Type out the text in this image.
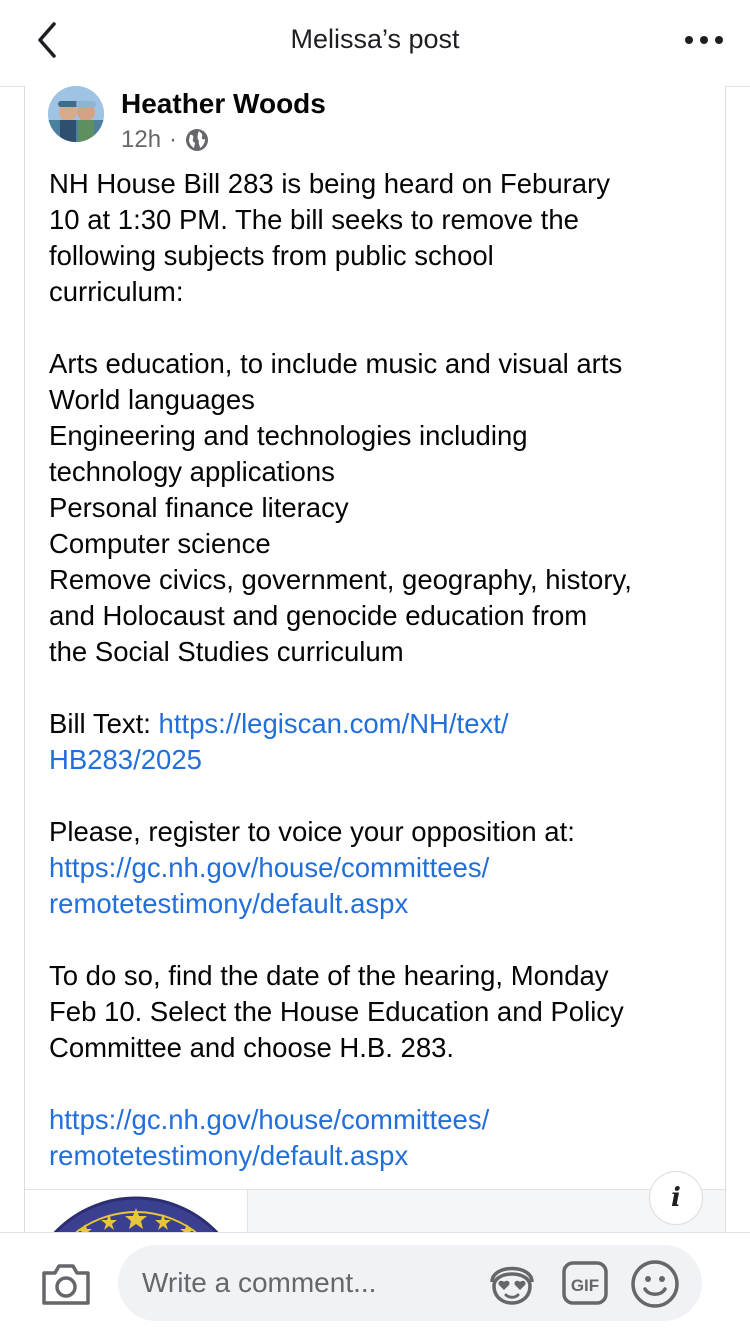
Melissa’s post
Heather Woods
12h ·

NH House Bill 283 is being heard on Feburary
10 at 1:30 PM. The bill seeks to remove the
following subjects from public school
curriculum:

Arts education, to include music and visual arts
World languages
Engineering and technologies including
technology applications
Personal finance literacy
Computer science
Remove civics, government, geography, history,
and Holocaust and genocide education from
the Social Studies curriculum

Bill Text: https://legiscan.com/NH/text/
HB283/2025

Please, register to voice your opposition at:
https://gc.nh.gov/house/committees/
remotetestimony/default.aspx

To do so, find the date of the hearing, Monday
Feb 10. Select the House Education and Policy
Committee and choose H.B. 283.

https://gc.nh.gov/house/committees/
remotetestimony/default.aspx

i
Write a comment...
GIF
